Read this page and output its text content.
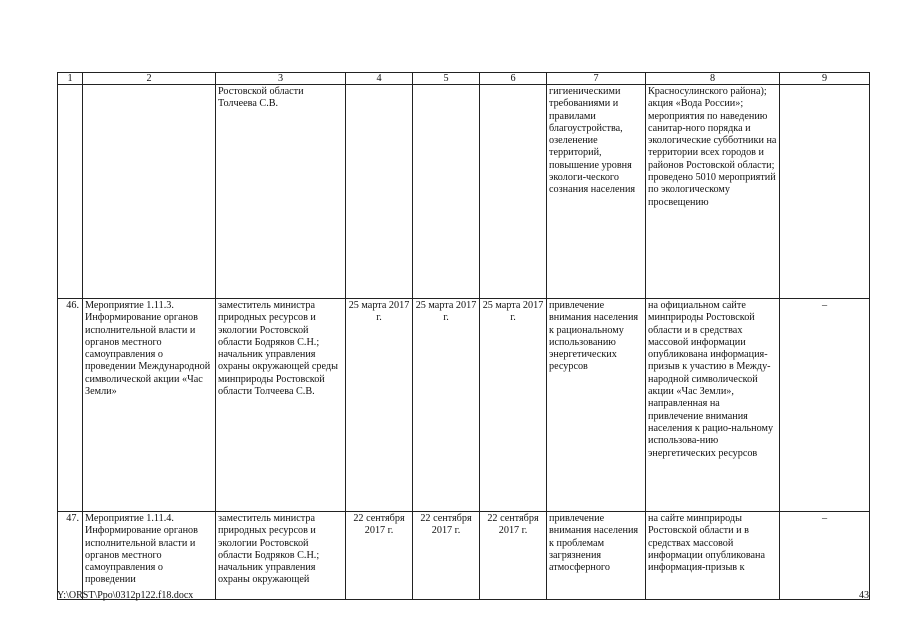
1	2	3	4	5	6	7	8	9
		Ростовской области Толчеева С.В.				гигиеническими требованиями и правилами благоустройства, озеленение территорий, повышение уровня экологи-ческого сознания населения	Красносулинского района); акция «Вода России»; мероприятия по наведению санитар-ного порядка и экологические субботники на территории всех городов и районов Ростовской области; проведено 5010 мероприятий по экологическому просвещению	
46.	Мероприятие 1.11.3. Информирование органов исполнительной власти и органов местного самоуправления о проведении Международной символической акции «Час Земли»	заместитель министра природных ресурсов и экологии Ростовской области Бодряков С.Н.; начальник управления охраны окружающей среды минприроды Ростовской области Толчеева С.В.	25 марта 2017 г.	25 марта 2017 г.	25 марта 2017 г.	привлечение внимания населения к рациональному использованию энергетических ресурсов	на официальном сайте минприроды Ростовской области и в средствах массовой информации опубликована информация-призыв к участию в Между-народной символической акции «Час Земли», направленная на привлечение внимания населения к рацио-нальному использова-нию энергетических ресурсов	–
47.	Мероприятие 1.11.4. Информирование органов исполнительной власти и органов местного самоуправления о проведении	заместитель министра природных ресурсов и экологии Ростовской области Бодряков С.Н.; начальник управления охраны окружающей	22 сентября 2017 г.	22 сентября 2017 г.	22 сентября 2017 г.	привлечение внимания населения к проблемам загрязнения атмосферного	на сайте минприроды Ростовской области и в средствах массовой информации опубликована информация-призыв к	–
Y:\ORST\Ppo\0312p122.f18.docx	43
